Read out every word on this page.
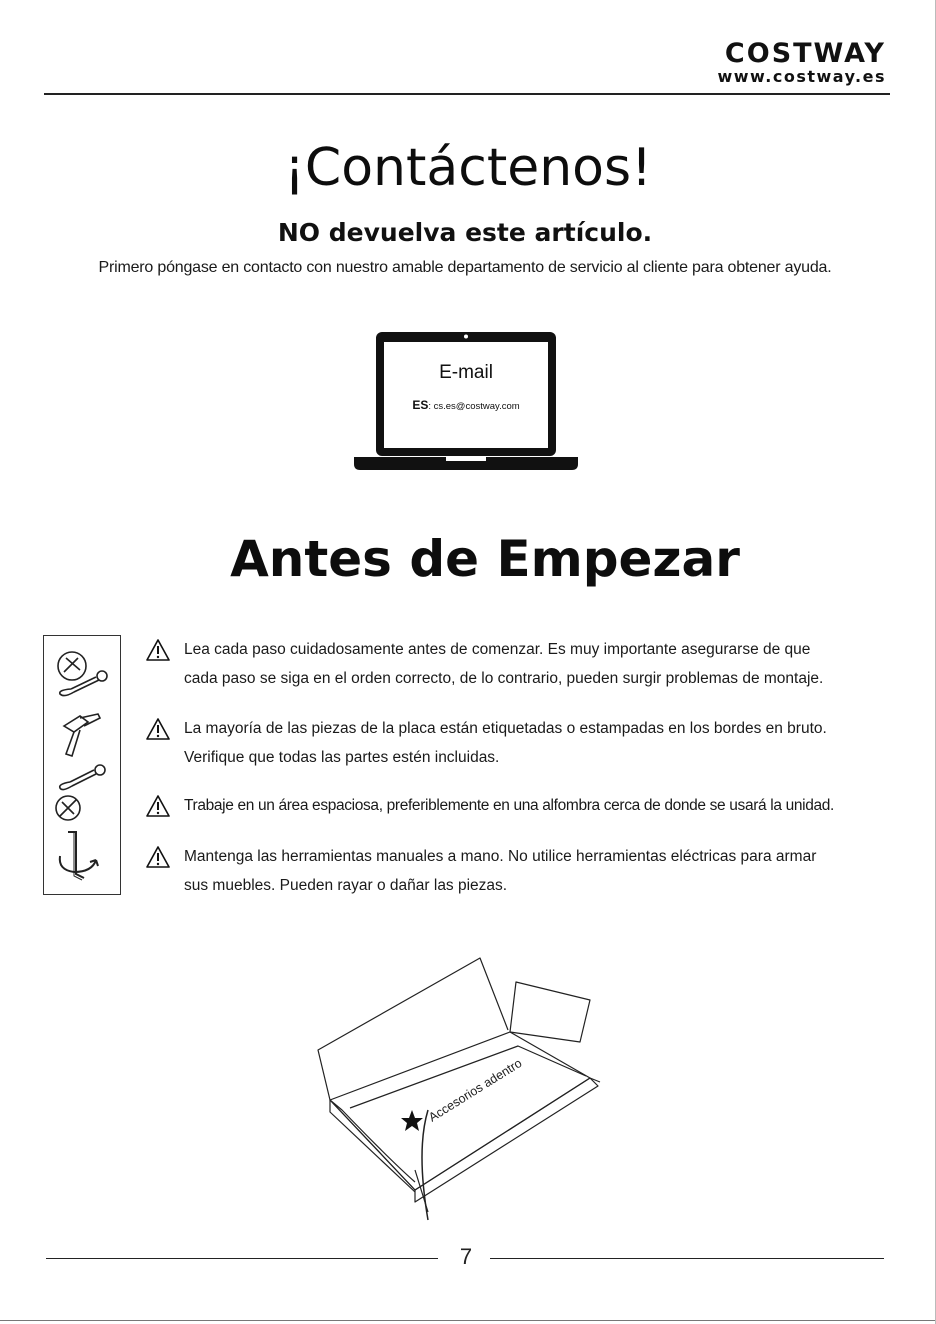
COSTWAY
www.costway.es
¡Contáctenos!
NO devuelva este artículo.
Primero póngase en contacto con nuestro amable departamento de servicio al cliente para obtener ayuda.
E-mail
ES: cs.es@costway.com
Antes de Empezar
Lea cada paso cuidadosamente antes de comenzar. Es muy importante asegurarse de que
cada paso se siga en el orden correcto, de lo contrario, pueden surgir problemas de montaje.
La mayoría de las piezas de la placa están etiquetadas o estampadas en los bordes en bruto.
Verifique que todas las partes estén incluidas.
Trabaje en un área espaciosa, preferiblemente en una alfombra cerca de donde se usará la unidad.
Mantenga las herramientas manuales a mano. No utilice herramientas eléctricas para armar
sus muebles. Pueden rayar o dañar las piezas.
Accesorios adentro
7
